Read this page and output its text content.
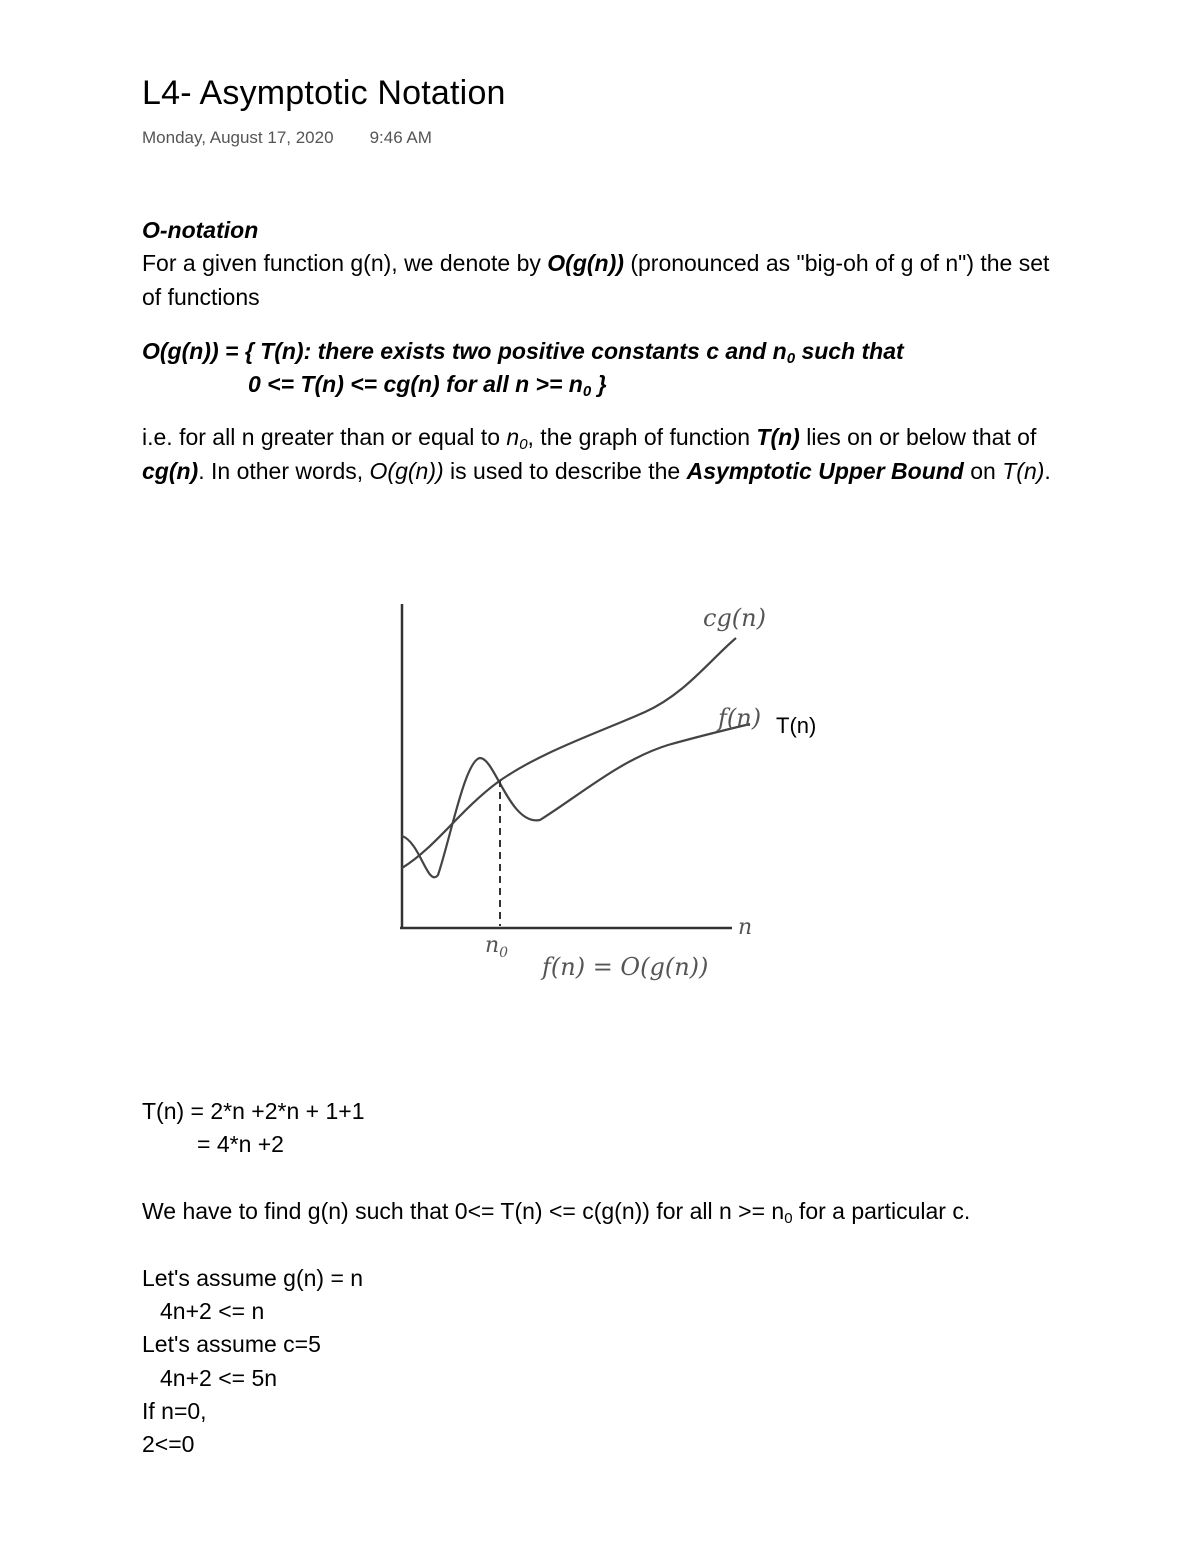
L4- Asymptotic Notation
Monday, August 17, 2020 9:46 AM
O-notation
For a given function g(n), we denote by O(g(n)) (pronounced as "big-oh of g of n") the set
of functions
O(g(n)) = { T(n): there exists two positive constants c and $n_0$ such that
0 <= T(n) <= cg(n) for all $n >= n_0$ }
i.e. for all n greater than or equal to $n_0$, the graph of function T(n) lies on or below that of
cg(n). In other words, O(g(n)) is used to describe the Asymptotic Upper Bound on T(n).
cg(n)
f(n) T(n)
n
$n_0$ f(n) = O(g(n))
T(n) = 2*n +2*n + 1+1
= 4*n +2
We have to find g(n) such that 0<= T(n) <= c(g(n)) for all $n >= n_0$ for a particular c.
Let's assume g(n) = n
4n+2 <= n
Let's assume c=5
4n+2 <= 5n
If n=0,
2<=0
